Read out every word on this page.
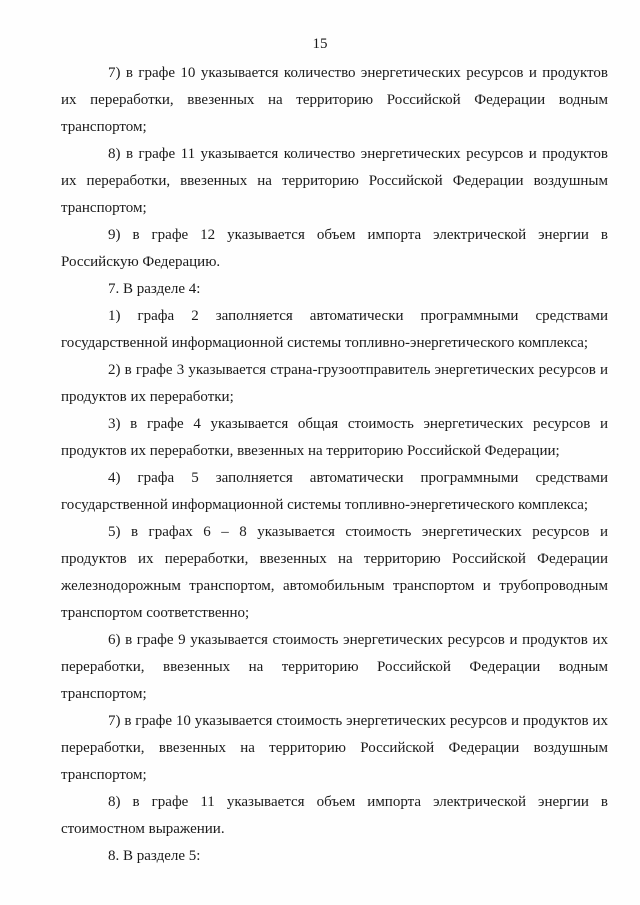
15

7) в графе 10 указывается количество энергетических ресурсов и продуктов их переработки, ввезенных на территорию Российской Федерации водным транспортом;

8) в графе 11 указывается количество энергетических ресурсов и продуктов их переработки, ввезенных на территорию Российской Федерации воздушным транспортом;

9) в графе 12 указывается объем импорта электрической энергии в Российскую Федерацию.

7. В разделе 4:

1) графа 2 заполняется автоматически программными средствами государственной информационной системы топливно-энергетического комплекса;

2) в графе 3 указывается страна-грузоотправитель энергетических ресурсов и продуктов их переработки;

3) в графе 4 указывается общая стоимость энергетических ресурсов и продуктов их переработки, ввезенных на территорию Российской Федерации;

4) графа 5 заполняется автоматически программными средствами государственной информационной системы топливно-энергетического комплекса;

5) в графах 6 – 8 указывается стоимость энергетических ресурсов и продуктов их переработки, ввезенных на территорию Российской Федерации железнодорожным транспортом, автомобильным транспортом и трубопроводным транспортом соответственно;

6) в графе 9 указывается стоимость энергетических ресурсов и продуктов их переработки, ввезенных на территорию Российской Федерации водным транспортом;

7) в графе 10 указывается стоимость энергетических ресурсов и продуктов их переработки, ввезенных на территорию Российской Федерации воздушным транспортом;

8) в графе 11 указывается объем импорта электрической энергии в стоимостном выражении.

8. В разделе 5:
